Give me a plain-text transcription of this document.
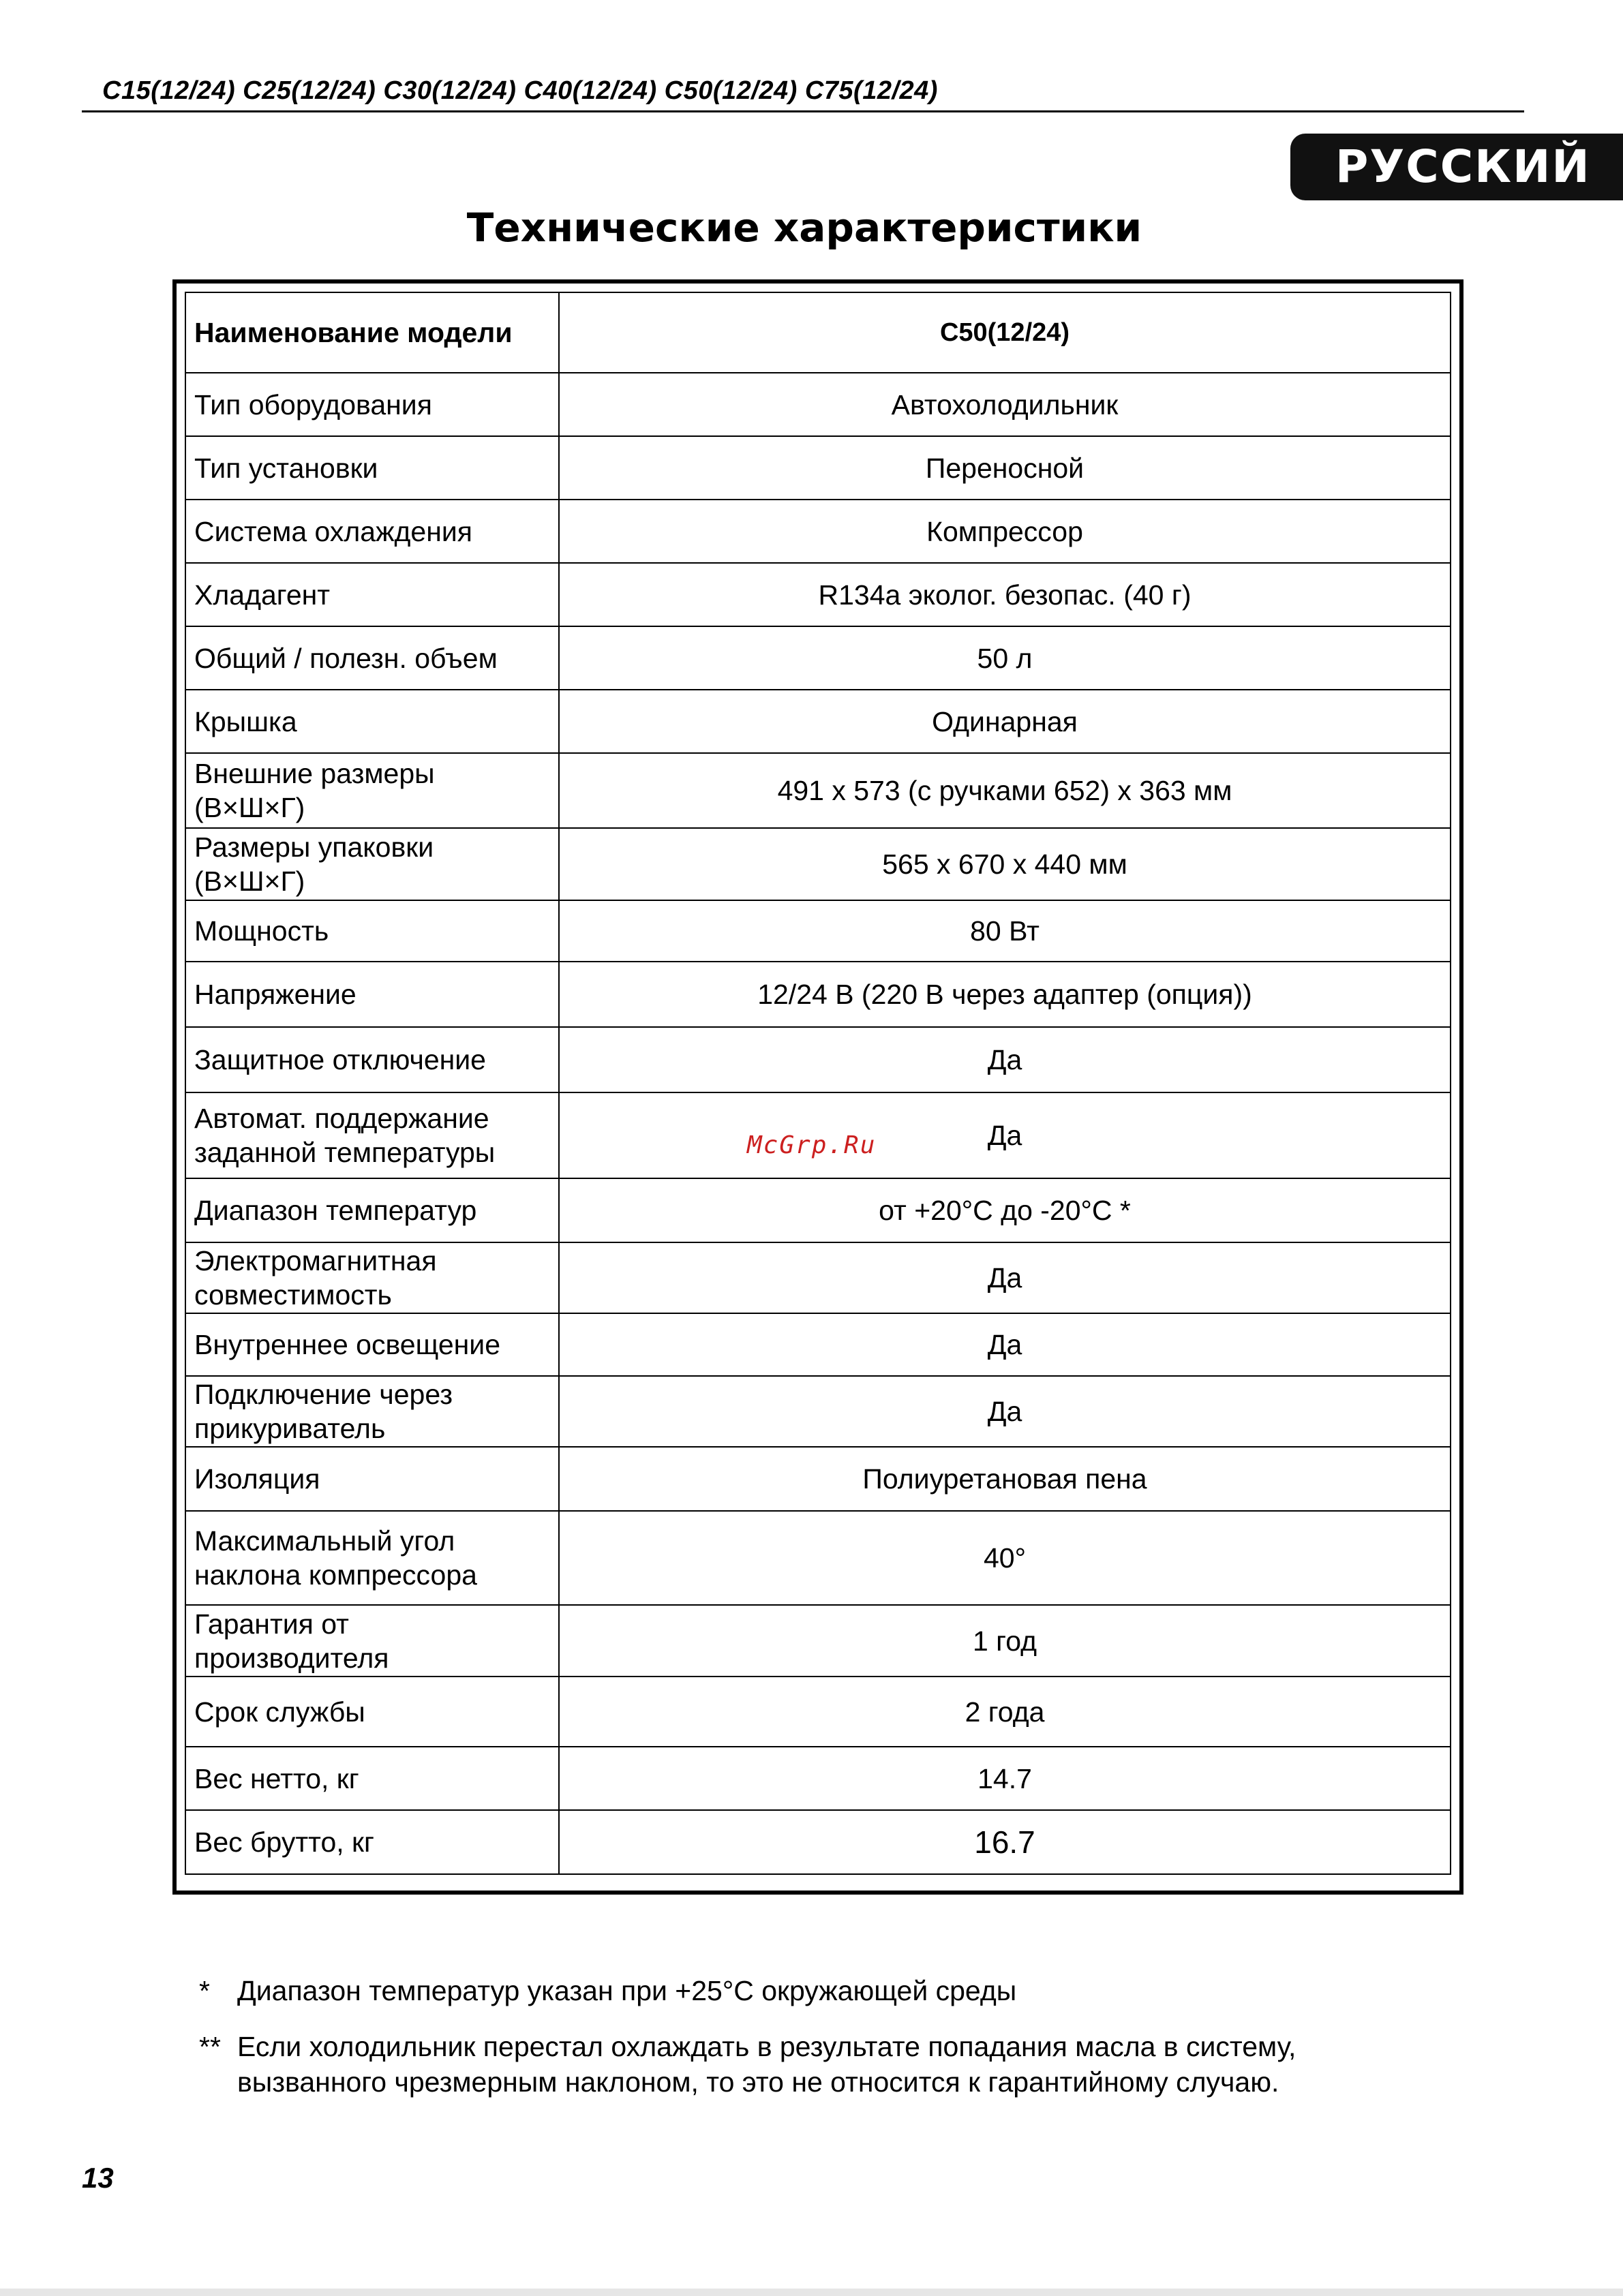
C15(12/24) C25(12/24) C30(12/24) C40(12/24) C50(12/24) C75(12/24)
РУССКИЙ
Технические характеристики
Наименование модели	C50(12/24)
Тип оборудования	Автохолодильник
Тип установки	Переносной
Система охлаждения	Компрессор
Хладагент	R134a эколог. безопас. (40 г)
Общий / полезн. объем	50 л
Крышка	Одинарная
Внешние размеры (В×Ш×Г)	491 x 573 (с ручками 652) x 363 мм
Размеры упаковки (В×Ш×Г)	565 x 670 x 440 мм
Мощность	80 Вт
Напряжение	12/24 В (220 В через адаптер (опция))
Защитное отключение	Да
Автомат. поддержание заданной температуры	Да
Диапазон температур	от +20°C до -20°C *
Электромагнитная совместимость	Да
Внутреннее освещение	Да
Подключение через прикуриватель	Да
Изоляция	Полиуретановая пена
Максимальный угол наклона компрессора	40°
Гарантия от производителя	1 год
Срок службы	2 года
Вес нетто, кг	14.7
Вес брутто, кг	16.7
McGrp.Ru
* Диапазон температур указан при +25°C окружающей среды
** Если холодильник перестал охлаждать в результате попадания масла в систему, вызванного чрезмерным наклоном, то это не относится к гарантийному случаю.
13
